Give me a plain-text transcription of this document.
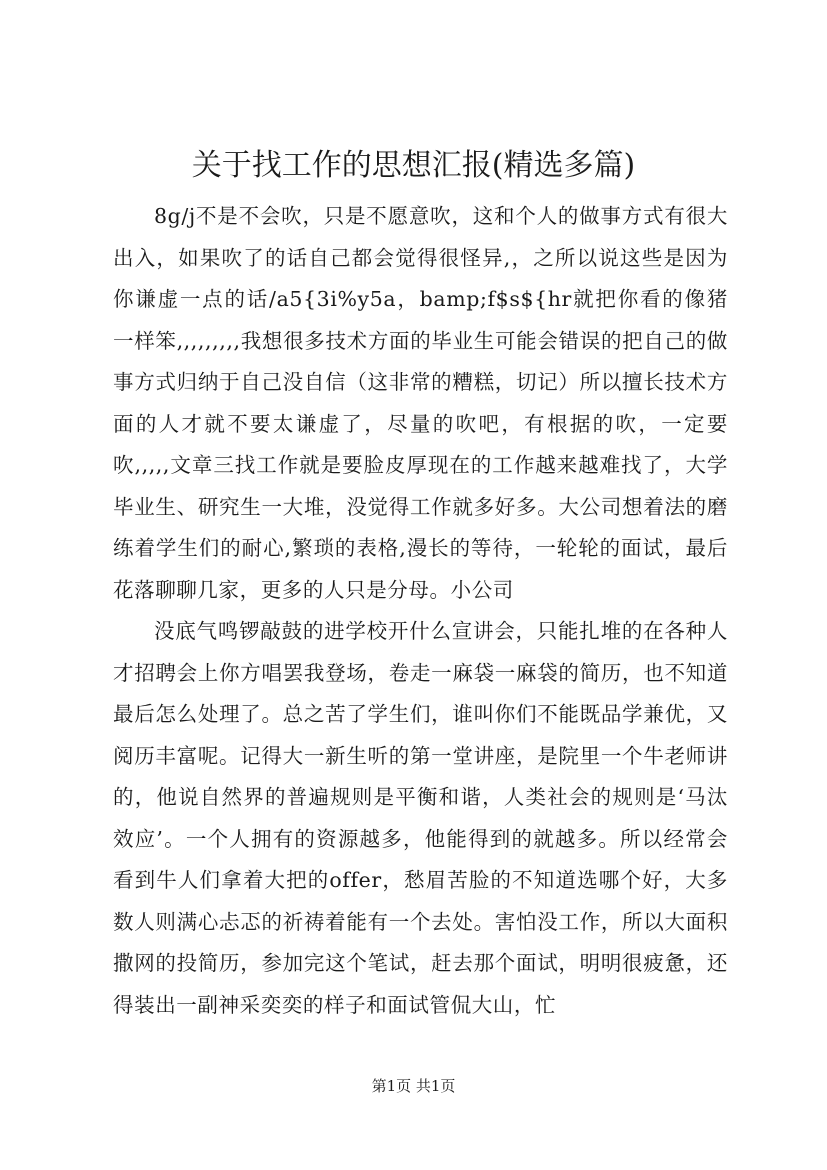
关于找工作的思想汇报(精选多篇)

8g/j不是不会吹，只是不愿意吹，这和个人的做事方式有很大出入，如果吹了的话自己都会觉得很怪异,，之所以说这些是因为你谦虚一点的话/a5{3i%y5a，bamp;f$s${hr就把你看的像猪一样笨,,,,,,,,,我想很多技术方面的毕业生可能会错误的把自己的做事方式归纳于自己没自信（这非常的糟糕，切记）所以擅长技术方面的人才就不要太谦虚了，尽量的吹吧，有根据的吹，一定要吹,,,,,文章三找工作就是要脸皮厚现在的工作越来越难找了，大学毕业生、研究生一大堆，没觉得工作就多好多。大公司想着法的磨练着学生们的耐心,繁琐的表格,漫长的等待，一轮轮的面试，最后花落聊聊几家，更多的人只是分母。小公司

没底气鸣锣敲鼓的进学校开什么宣讲会，只能扎堆的在各种人才招聘会上你方唱罢我登场，卷走一麻袋一麻袋的简历，也不知道最后怎么处理了。总之苦了学生们，谁叫你们不能既品学兼优，又阅历丰富呢。记得大一新生听的第一堂讲座，是院里一个牛老师讲的，他说自然界的普遍规则是平衡和谐，人类社会的规则是‘马汰效应’。一个人拥有的资源越多，他能得到的就越多。所以经常会看到牛人们拿着大把的offer，愁眉苦脸的不知道选哪个好，大多数人则满心忐忑的祈祷着能有一个去处。害怕没工作，所以大面积撒网的投简历，参加完这个笔试，赶去那个面试，明明很疲惫，还得装出一副神采奕奕的样子和面试管侃大山，忙

第1页 共1页
